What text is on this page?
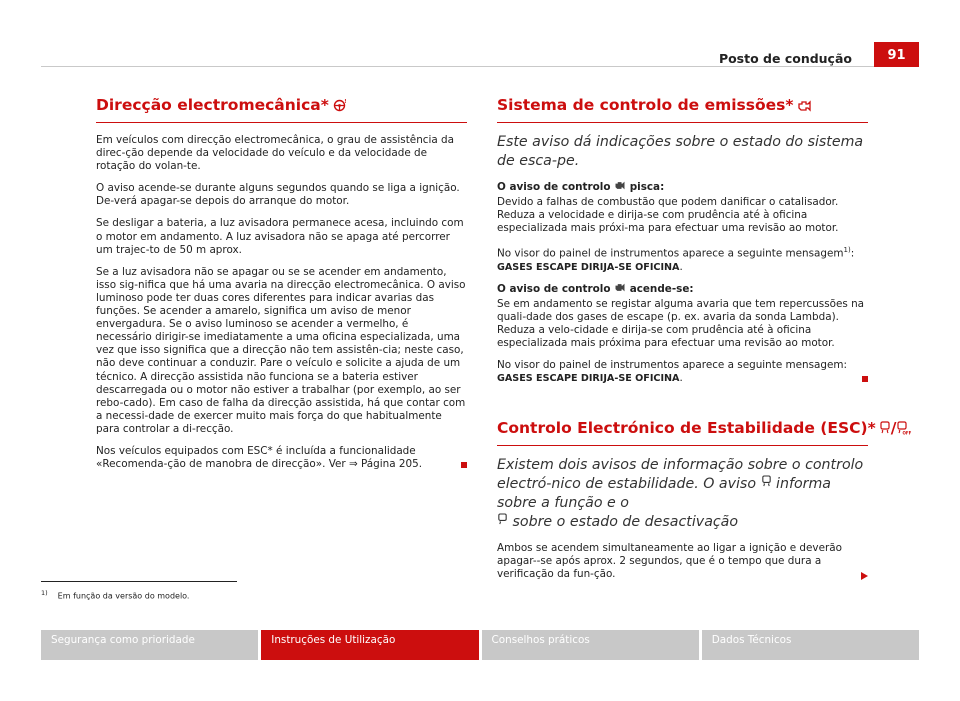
Posto de condução	91
Direcção electromecânica*	!

Em veículos com direcção electromecânica, o grau de assistência da direc-ção depende da velocidade do veículo e da velocidade de rotação do volan-te.

O aviso acende-se durante alguns segundos quando se liga a ignição. De-verá apagar-se depois do arranque do motor.

Se desligar a bateria, a luz avisadora permanece acesa, incluindo com o motor em andamento. A luz avisadora não se apaga até percorrer um trajec-to de 50 m aprox.

Se a luz avisadora não se apagar ou se se acender em andamento, isso sig-nifica que há uma avaria na direcção electromecânica. O aviso luminoso pode ter duas cores diferentes para indicar avarias das funções. Se acender a amarelo, significa um aviso de menor envergadura. Se o aviso luminoso se acender a vermelho, é necessário dirigir-se imediatamente a uma oficina especializada, uma vez que isso significa que a direcção não tem assistên-cia; neste caso, não deve continuar a conduzir. Pare o veículo e solicite a ajuda de um técnico. A direcção assistida não funciona se a bateria estiver descarregada ou o motor não estiver a trabalhar (por exemplo, ao ser rebo-cado). Em caso de falha da direcção assistida, há que contar com a necessi-dade de exercer muito mais força do que habitualmente para controlar a di-recção.

Nos veículos equipados com ESC* é incluída a funcionalidade «Recomenda-ção de manobra de direcção». Ver ⇒ Página 205.

Sistema de controlo de emissões*
Este aviso dá indicações sobre o estado do sistema de esca-pe.
O aviso de controlo pisca:

Devido a falhas de combustão que podem danificar o catalisador. Reduza a velocidade e dirija-se com prudência até à oficina especializada mais próxi-ma para efectuar uma revisão ao motor.

No visor do painel de instrumentos aparece a seguinte mensagem$^{1)}$: GASES ESCAPE DIRIJA-SE OFICINA.

O aviso de controlo acende-se:

Se em andamento se registar alguma avaria que tem repercussões na quali-dade dos gases de escape (p. ex. avaria da sonda Lambda). Reduza a velo-cidade e dirija-se com prudência até à oficina especializada mais próxima para efectuar uma revisão ao motor.

No visor do painel de instrumentos aparece a seguinte mensagem: GASES ESCAPE DIRIJA-SE OFICINA.

Controlo Electrónico de Estabilidade (ESC)* / OFF
Existem dois avisos de informação sobre o controlo electró-nico de estabilidade. O aviso informa sobre a função e o
sobre o estado de desactivação

Ambos se acendem simultaneamente ao ligar a ignição e deverão apagar--se após aprox. 2 segundos, que é o tempo que dura a verificação da fun-ção.

$^{1)}$ Em função da versão do modelo.
Segurança como prioridade	Instruções de Utilização	Conselhos práticos	Dados Técnicos
